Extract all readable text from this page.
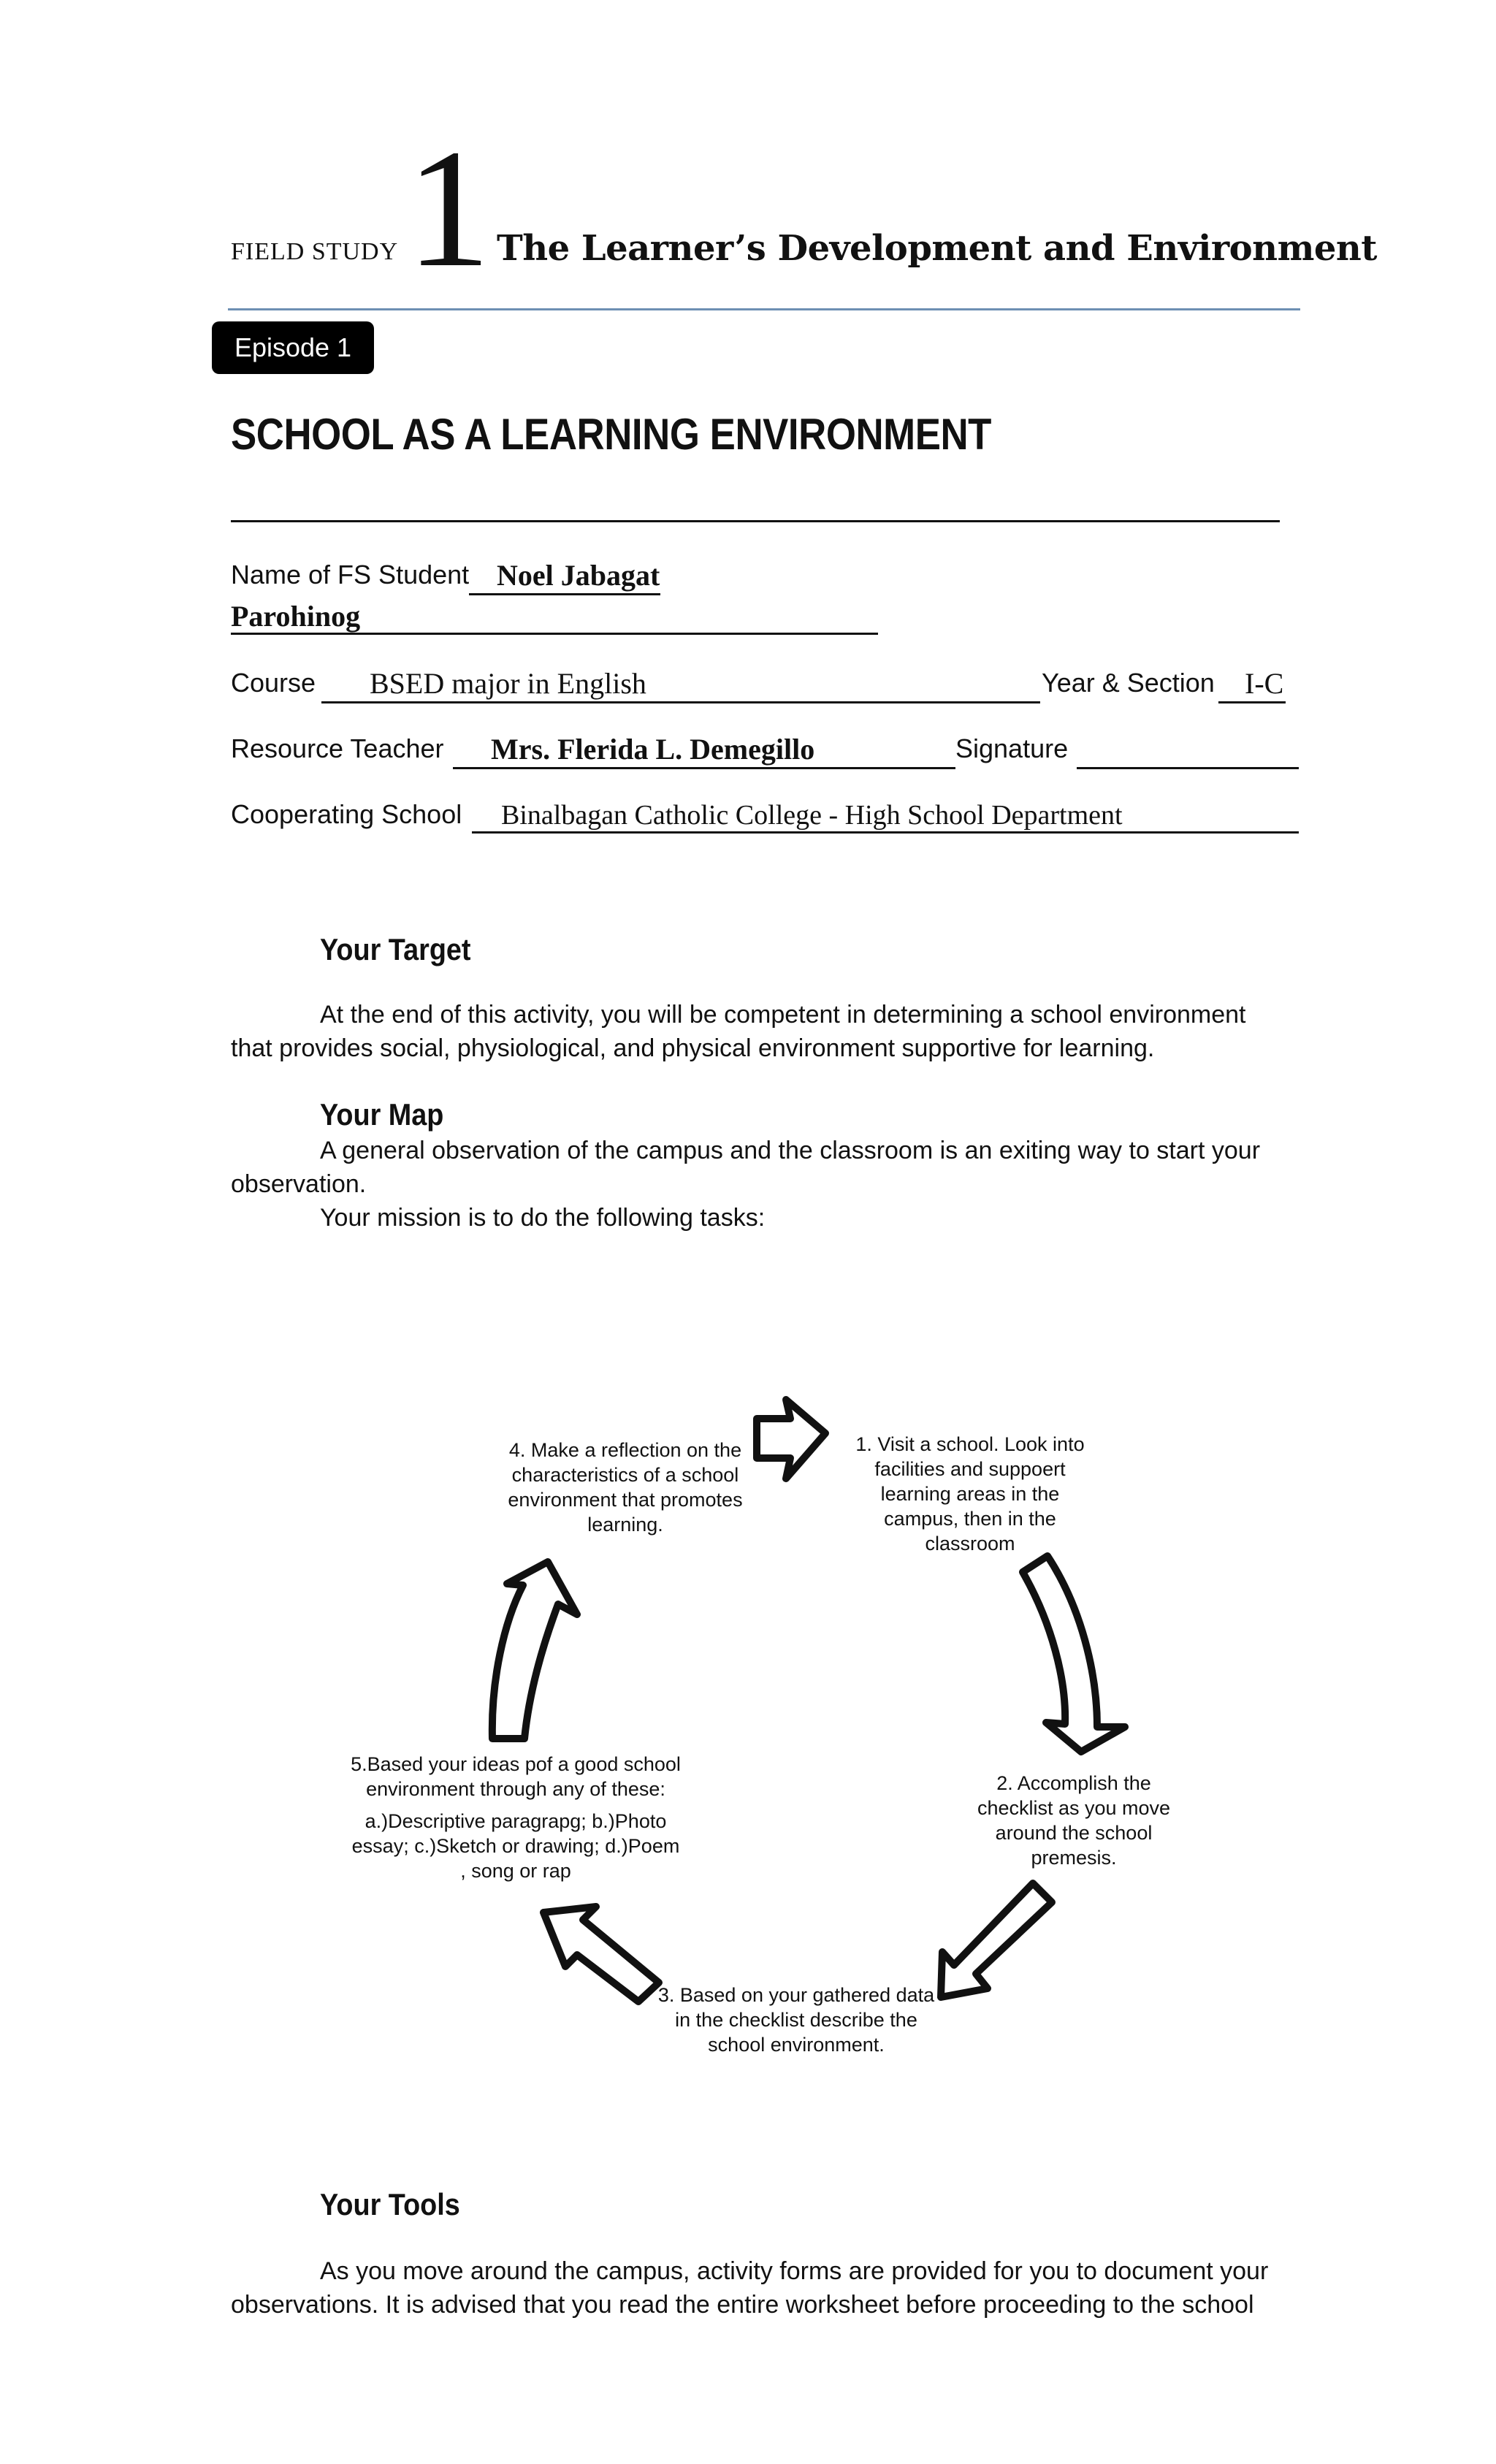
FIELD STUDY 1 The Learner’s Development and Environment
Episode 1
SCHOOL AS A LEARNING ENVIRONMENT
Name of FS Student Noel Jabagat
Parohinog
Course BSED major in English	Year & Section I-C
Resource Teacher Mrs. Flerida L. Demegillo	Signature
Cooperating School Binalbagan Catholic College - High School Department
Your Target
At the end of this activity, you will be competent in determining a school environment
that provides social, physiological, and physical environment supportive for learning.
Your Map
A general observation of the campus and the classroom is an exiting way to start your
observation.
Your mission is to do the following tasks:
1. Visit a school. Look into
facilities and suppoert
learning areas in the
campus, then in the
classroom
2. Accomplish the
checklist as you move
around the school
premesis.
3. Based on your gathered data
in the checklist describe the
school environment.
4. Make a reflection on the
characteristics of a school
environment that promotes
learning.
5.Based your ideas pof a good school
environment through any of these:
a.)Descriptive paragrapg; b.)Photo
essay; c.)Sketch or drawing; d.)Poem
, song or rap
Your Tools
As you move around the campus, activity forms are provided for you to document your
observations. It is advised that you read the entire worksheet before proceeding to the school
